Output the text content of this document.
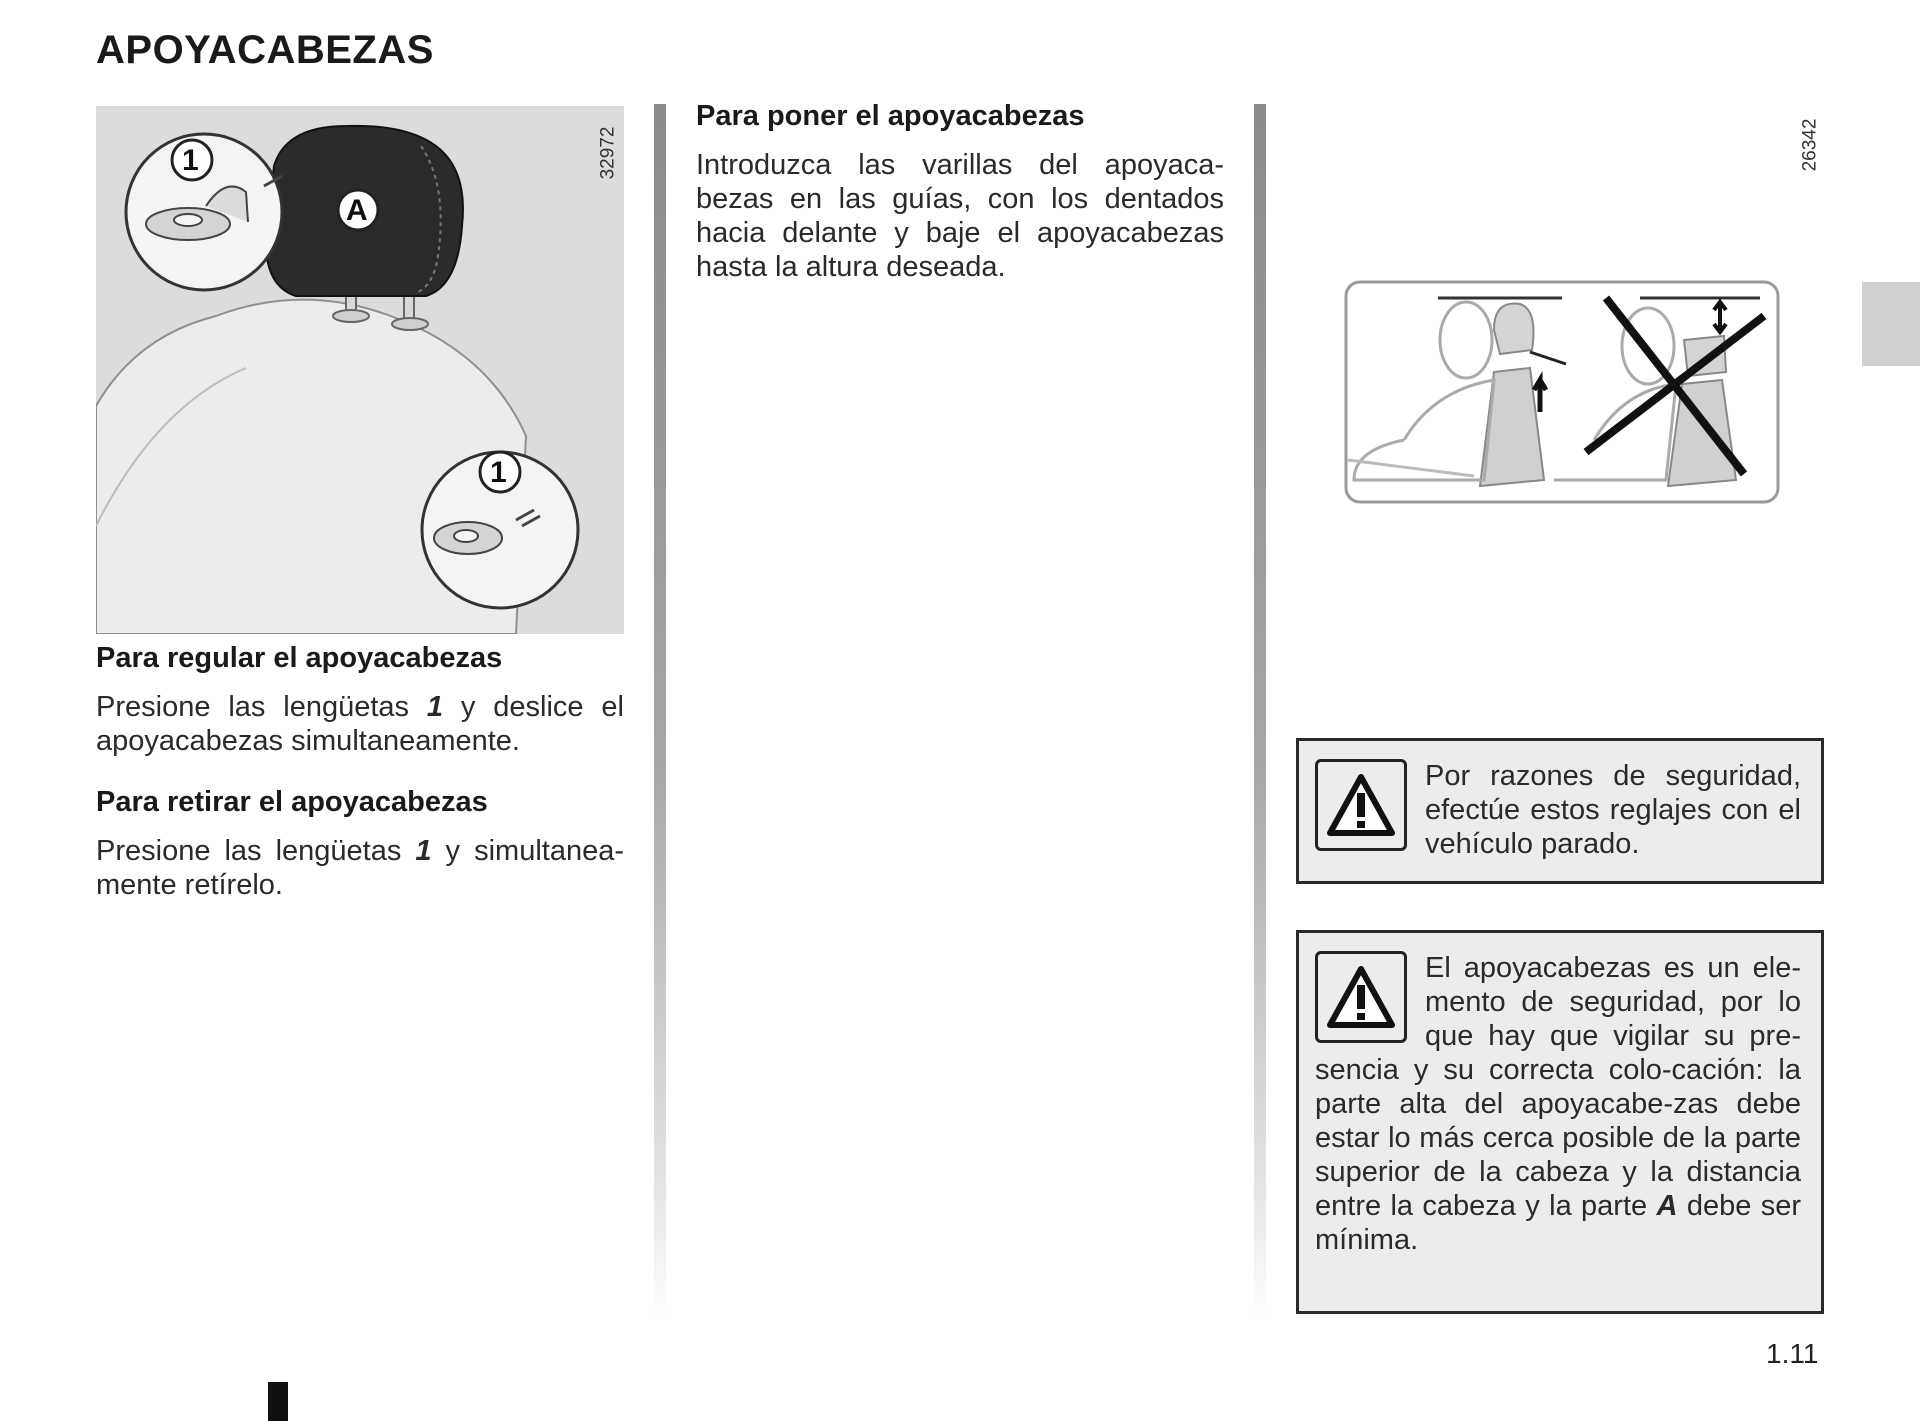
APOYACABEZAS
1
A
1
32972
Para regular el apoyacabezas

Presione las lengüetas 1 y deslice el apoyacabezas simultaneamente.

Para retirar el apoyacabezas

Presione las lengüetas 1 y simultanea-mente retírelo.

Para poner el apoyacabezas

Introduzca las varillas del apoyaca-bezas en las guías, con los dentados hacia delante y baje el apoyacabezas hasta la altura deseada.

26342

Por razones de seguridad, efectúe estos reglajes con el vehículo parado.

El apoyacabezas es un ele-mento de seguridad, por lo que hay que vigilar su pre-sencia y su correcta colo-cación: la parte alta del apoyacabe-zas debe estar lo más cerca posible de la parte superior de la cabeza y la distancia entre la cabeza y la parte A debe ser mínima.

1.11
